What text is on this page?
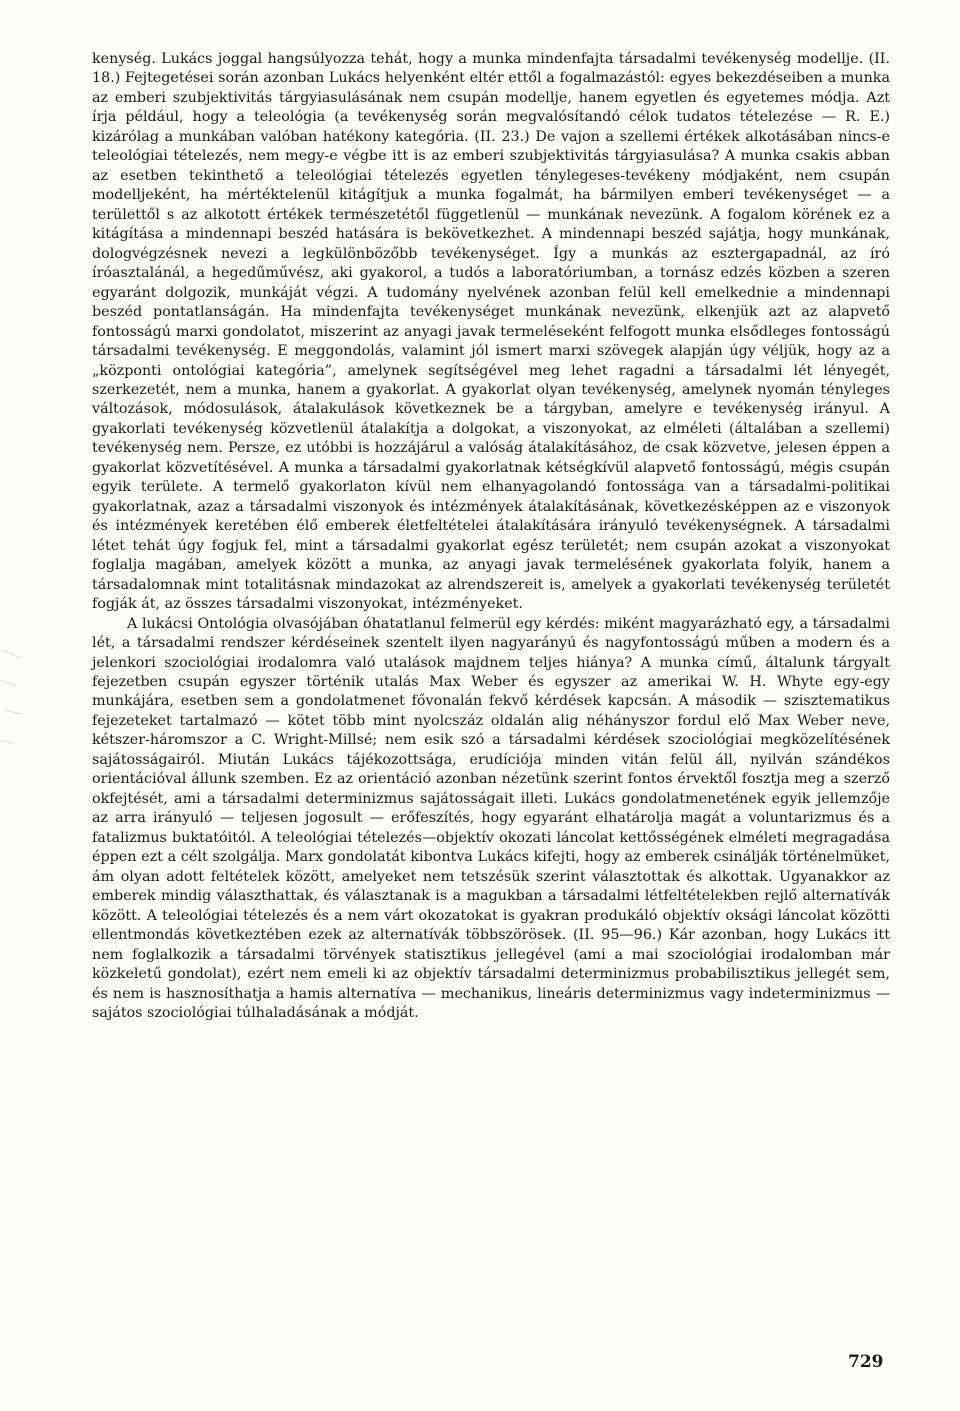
kenység. Lukács joggal hangsúlyozza tehát, hogy a munka mindenfajta társadalmi tevékenység modellje. (II. 18.) Fejtegetései során azonban Lukács helyenként eltér ettől a fogalmazástól: egyes bekezdéseiben a munka az emberi szubjektivitás tárgyiasulásának nem csupán modellje, hanem egyetlen és egyetemes módja. Azt írja például, hogy a teleológia (a tevékenység során megvalósítandó célok tudatos tételezése — R. E.) kizárólag a munkában valóban hatékony kategória. (II. 23.) De vajon a szellemi értékek alkotásában nincs-e teleológiai tételezés, nem megy-e végbe itt is az emberi szubjektivitás tárgyiasulása? A munka csakis abban az esetben tekinthető a teleológiai tételezés egyetlen ténylegeses-tevékeny módjaként, nem csupán modelljeként, ha mértéktelenül kitágítjuk a munka fogalmát, ha bármilyen emberi tevékenységet — a területtől s az alkotott értékek természetétől függetlenül — munkának nevezünk. A fogalom körének ez a kitágítása a mindennapi beszéd hatására is bekövetkezhet. A mindennapi beszéd sajátja, hogy munkának, dologvégzésnek nevezi a legkülönbözőbb tevékenységet. Így a munkás az esztergapadnál, az író íróasztalánál, a hegedűművész, aki gyakorol, a tudós a laboratóriumban, a tornász edzés közben a szeren egyaránt dolgozik, munkáját végzi. A tudomány nyelvének azonban felül kell emelkednie a mindennapi beszéd pontatlanságán. Ha mindenfajta tevékenységet munkának nevezünk, elkenjük azt az alapvető fontosságú marxi gondolatot, miszerint az anyagi javak termeléseként felfogott munka elsődleges fontosságú társadalmi tevékenység. E meggondolás, valamint jól ismert marxi szövegek alapján úgy véljük, hogy az a „központi ontológiai kategória”, amelynek segítségével meg lehet ragadni a társadalmi lét lényegét, szerkezetét, nem a munka, hanem a gyakorlat. A gyakorlat olyan tevékenység, amelynek nyomán tényleges változások, módosulások, átalakulások következnek be a tárgyban, amelyre e tevékenység irányul. A gyakorlati tevékenység közvetlenül átalakítja a dolgokat, a viszonyokat, az elméleti (általában a szellemi) tevékenység nem. Persze, ez utóbbi is hozzájárul a valóság átalakításához, de csak közvetve, jelesen éppen a gyakorlat közvetítésével. A munka a társadalmi gyakorlatnak kétségkívül alapvető fontosságú, mégis csupán egyik területe. A termelő gyakorlaton kívül nem elhanyagolandó fontossága van a társadalmi-politikai gyakorlatnak, azaz a társadalmi viszonyok és intézmények átalakításának, következésképpen az e viszonyok és intézmények keretében élő emberek életfeltételei átalakítására irányuló tevékenységnek. A társadalmi létet tehát úgy fogjuk fel, mint a társadalmi gyakorlat egész területét; nem csupán azokat a viszonyokat foglalja magában, amelyek között a munka, az anyagi javak termelésének gyakorlata folyik, hanem a társadalomnak mint totalitásnak mindazokat az alrendszereit is, amelyek a gyakorlati tevékenység területét fogják át, az összes társadalmi viszonyokat, intézményeket.

A lukácsi Ontológia olvasójában óhatatlanul felmerül egy kérdés: miként magyarázható egy, a társadalmi lét, a társadalmi rendszer kérdéseinek szentelt ilyen nagyarányú és nagyfontosságú műben a modern és a jelenkori szociológiai irodalomra való utalások majdnem teljes hiánya? A munka című, általunk tárgyalt fejezetben csupán egyszer történik utalás Max Weber és egyszer az amerikai W. H. Whyte egy-egy munkájára, esetben sem a gondolatmenet fővonalán fekvő kérdések kapcsán. A második — szisztematikus fejezeteket tartalmazó — kötet több mint nyolcszáz oldalán alig néhányszor fordul elő Max Weber neve, kétszer-háromszor a C. Wright-Millsé; nem esik szó a társadalmi kérdések szociológiai megközelítésének sajátosságairól. Miután Lukács tájékozottsága, erudíciója minden vitán felül áll, nyilván szándékos orientációval állunk szemben. Ez az orientáció azonban nézetünk szerint fontos érvektől fosztja meg a szerző okfejtését, ami a társadalmi determinizmus sajátosságait illeti. Lukács gondolatmenetének egyik jellemzője az arra irányuló — teljesen jogosult — erőfeszítés, hogy egyaránt elhatárolja magát a voluntarizmus és a fatalizmus buktatóitól. A teleológiai tételezés—objektív okozati láncolat kettősségének elméleti megragadása éppen ezt a célt szolgálja. Marx gondolatát kibontva Lukács kifejti, hogy az emberek csinálják történelmüket, ám olyan adott feltételek között, amelyeket nem tetszésük szerint választottak és alkottak. Ugyanakkor az emberek mindig választhattak, és választanak is a magukban a társadalmi létfeltételekben rejlő alternatívák között. A teleológiai tételezés és a nem várt okozatokat is gyakran produkáló objektív oksági láncolat közötti ellentmondás következtében ezek az alternatívák többszörösek. (II. 95—96.) Kár azonban, hogy Lukács itt nem foglalkozik a társadalmi törvények statisztikus jellegével (ami a mai szociológiai irodalomban már közkeletű gondolat), ezért nem emeli ki az objektív társadalmi determinizmus probabilisztikus jellegét sem, és nem is hasznosíthatja a hamis alternatíva — mechanikus, lineáris determinizmus vagy indeterminizmus — sajátos szociológiai túlhaladásának a módját.

729
